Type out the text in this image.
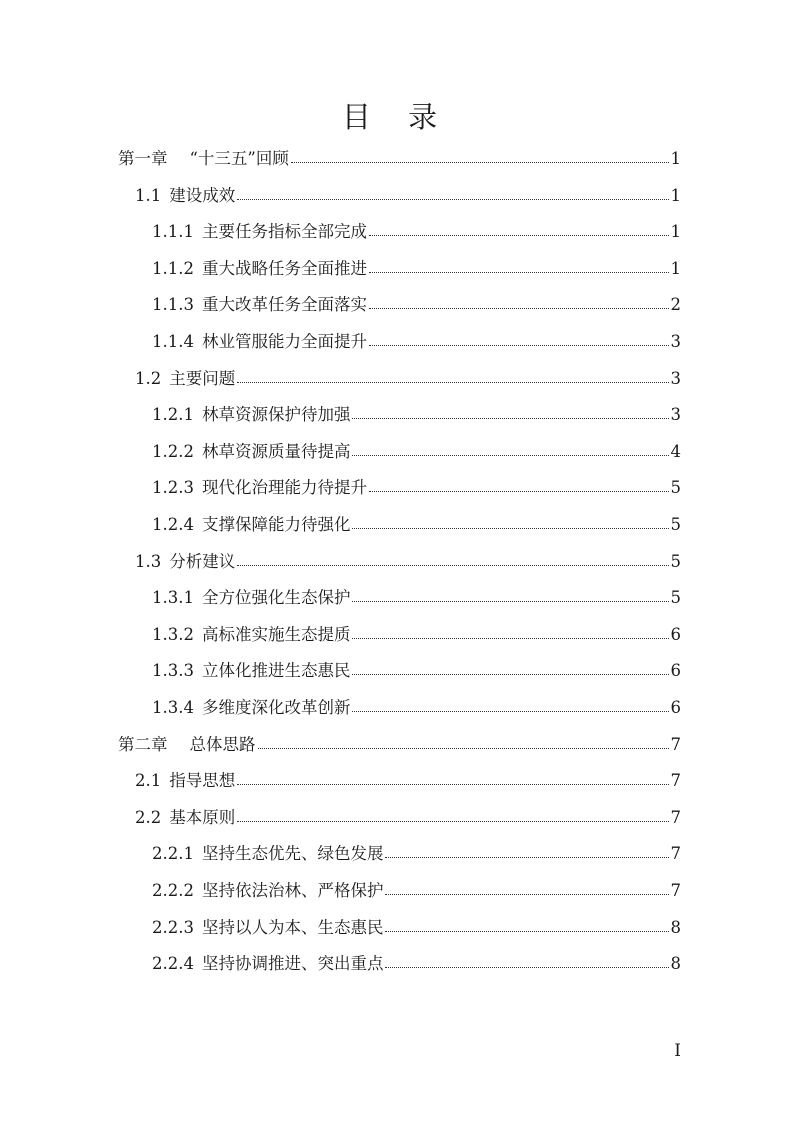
目 录
第一章 “十三五”回顾	1
1.1 建设成效	1
1.1.1 主要任务指标全部完成	1
1.1.2 重大战略任务全面推进	1
1.1.3 重大改革任务全面落实	2
1.1.4 林业管服能力全面提升	3
1.2 主要问题	3
1.2.1 林草资源保护待加强	3
1.2.2 林草资源质量待提高	4
1.2.3 现代化治理能力待提升	5
1.2.4 支撑保障能力待强化	5
1.3 分析建议	5
1.3.1 全方位强化生态保护	5
1.3.2 高标准实施生态提质	6
1.3.3 立体化推进生态惠民	6
1.3.4 多维度深化改革创新	6
第二章 总体思路	7
2.1 指导思想	7
2.2 基本原则	7
2.2.1 坚持生态优先、绿色发展	7
2.2.2 坚持依法治林、严格保护	7
2.2.3 坚持以人为本、生态惠民	8
2.2.4 坚持协调推进、突出重点	8
I
